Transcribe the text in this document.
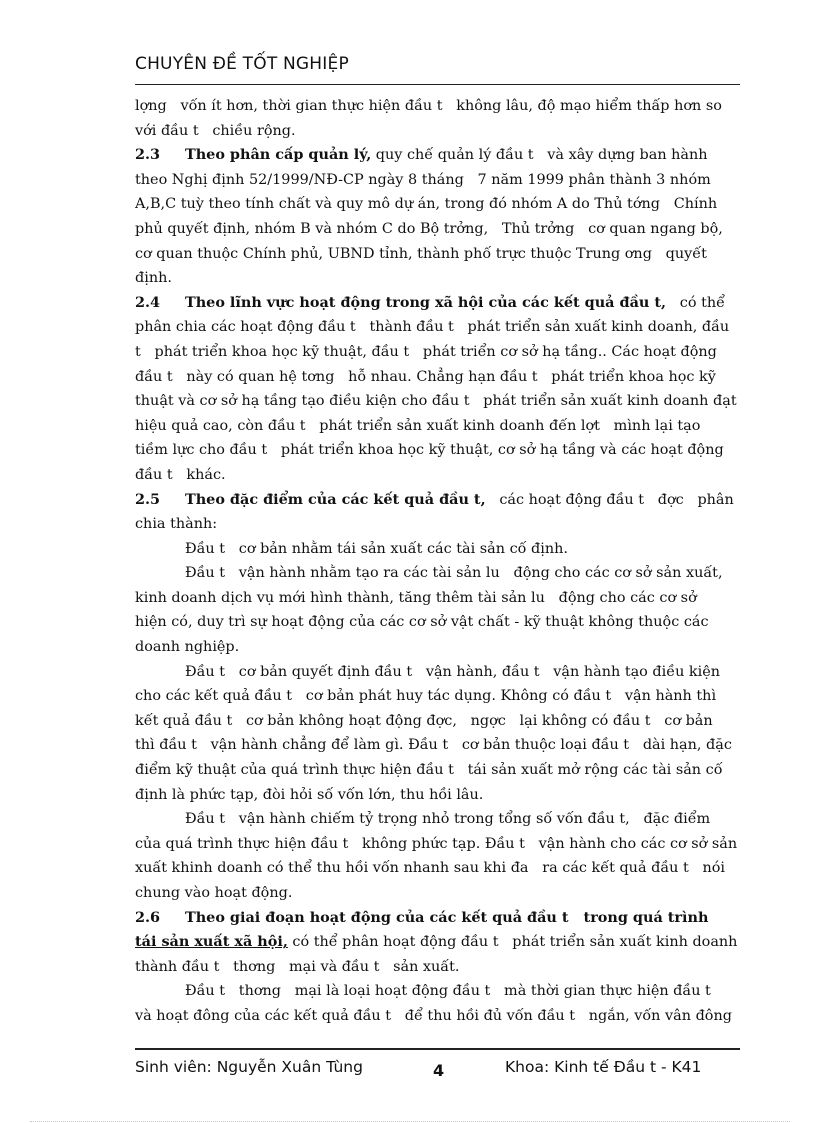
CHUYÊN ĐỀ TỐT NGHIỆP
lợng   vốn ít hơn, thời gian thực hiện đầu t   không lâu, độ mạo hiểm thấp hơn so
với đầu t   chiều rộng.
2.3	Theo phân cấp quản lý, quy chế quản lý đầu t   và xây dựng ban hành
theo Nghị định 52/1999/NĐ-CP ngày 8 tháng   7 năm 1999 phân thành 3 nhóm
A,B,C tuỳ theo tính chất và quy mô dự án, trong đó nhóm A do Thủ tớng   Chính
phủ quyết định, nhóm B và nhóm C do Bộ trởng,   Thủ trởng   cơ quan ngang bộ,
cơ quan thuộc Chính phủ, UBND tỉnh, thành phố trực thuộc Trung ơng   quyết
định.
2.4	Theo lĩnh vực hoạt động trong xã hội của các kết quả đầu t, có thể
phân chia các hoạt động đầu t   thành đầu t   phát triển sản xuất kinh doanh, đầu
t   phát triển khoa học kỹ thuật, đầu t   phát triển cơ sở hạ tầng.. Các hoạt động
đầu t   này có quan hệ tơng   hỗ nhau. Chẳng hạn đầu t   phát triển khoa học kỹ
thuật và cơ sở hạ tầng tạo điều kiện cho đầu t   phát triển sản xuất kinh doanh đạt
hiệu quả cao, còn đầu t   phát triển sản xuất kinh doanh đến lợt   mình lại tạo
tiềm lực cho đầu t   phát triển khoa học kỹ thuật, cơ sở hạ tầng và các hoạt động
đầu t   khác.
2.5	Theo đặc điểm của các kết quả đầu t, các hoạt động đầu t   đợc   phân
chia thành:
Đầu t   cơ bản nhằm tái sản xuất các tài sản cố định.
Đầu t   vận hành nhằm tạo ra các tài sản lu   động cho các cơ sở sản xuất,
kinh doanh dịch vụ mới hình thành, tăng thêm tài sản lu   động cho các cơ sở
hiện có, duy trì sự hoạt động của các cơ sở vật chất - kỹ thuật không thuộc các
doanh nghiệp.
Đầu t   cơ bản quyết định đầu t   vận hành, đầu t   vận hành tạo điều kiện
cho các kết quả đầu t   cơ bản phát huy tác dụng. Không có đầu t   vận hành thì
kết quả đầu t   cơ bản không hoạt động đợc,   ngợc   lại không có đầu t   cơ bản
thì đầu t   vận hành chẳng để làm gì. Đầu t   cơ bản thuộc loại đầu t   dài hạn, đặc
điểm kỹ thuật của quá trình thực hiện đầu t   tái sản xuất mở rộng các tài sản cố
định là phức tạp, đòi hỏi số vốn lớn, thu hồi lâu.
Đầu t   vận hành chiếm tỷ trọng nhỏ trong tổng số vốn đầu t,   đặc điểm
của quá trình thực hiện đầu t   không phức tạp. Đầu t   vận hành cho các cơ sở sản
xuất khinh doanh có thể thu hồi vốn nhanh sau khi đa   ra các kết quả đầu t   nói
chung vào hoạt động.
2.6	Theo giai đoạn hoạt động của các kết quả đầu t   trong quá trình
tái sản xuất xã hội, có thể phân hoạt động đầu t   phát triển sản xuất kinh doanh
thành đầu t   thơng   mại và đầu t   sản xuất.
Đầu t   thơng   mại là loại hoạt động đầu t   mà thời gian thực hiện đầu t
và hoạt đông của các kết quả đầu t   để thu hồi đủ vốn đầu t   ngắn, vốn vân đông
Sinh viên: Nguyễn Xuân Tùng	4	Khoa: Kinh tế Đầu t - K41
